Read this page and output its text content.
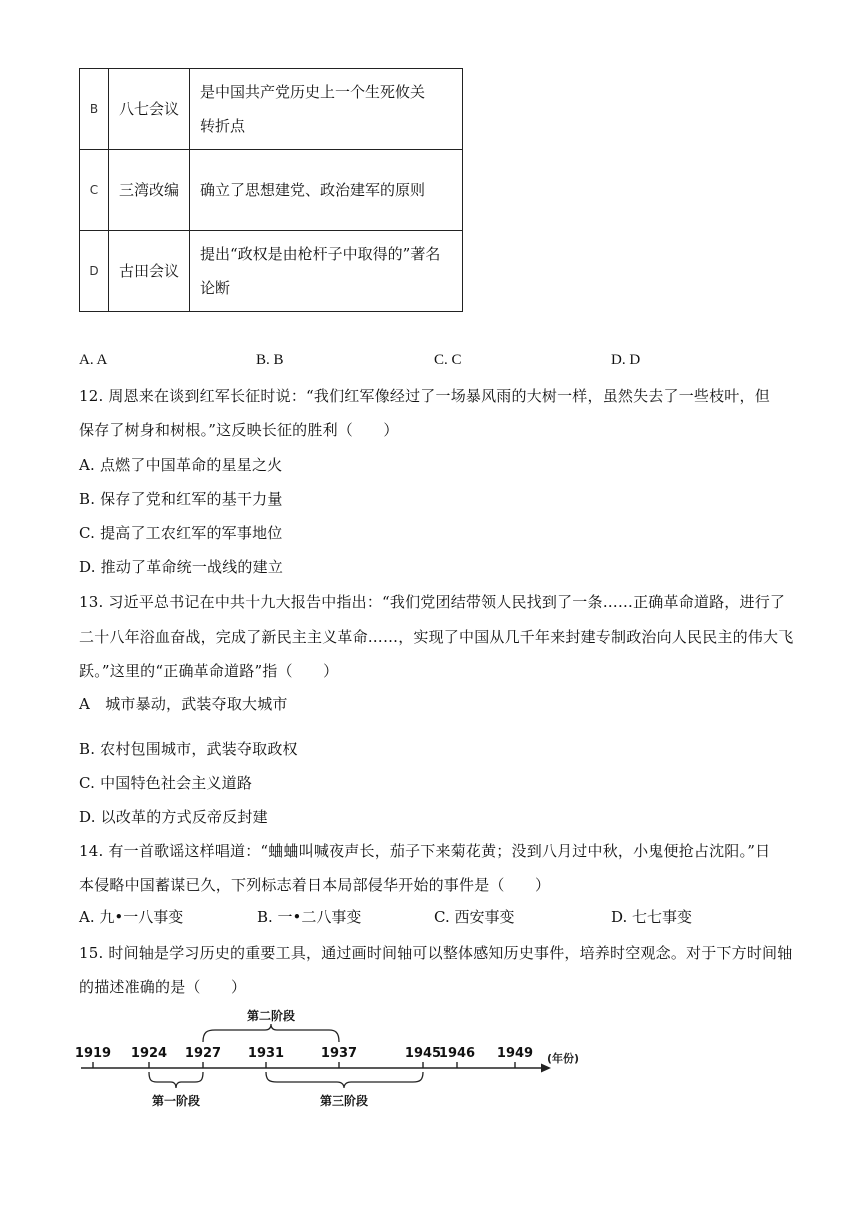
B	八七会议	是中国共产党历史上一个生死攸关　转折点
C	三湾改编	确立了思想建党、政治建军的原则
D	古田会议	提出“政权是由枪杆子中取得的”著名论断
A. A	B. B	C. C	D. D
12. 周恩来在谈到红军长征时说：“我们红军像经过了一场暴风雨的大树一样，虽然失去了一些枝叶，但
保存了树身和树根。”这反映长征的胜利（　　）
A. 点燃了中国革命的星星之火
B. 保存了党和红军的基干力量
C. 提高了工农红军的军事地位
D. 推动了革命统一战线的建立
13. 习近平总书记在中共十九大报告中指出：“我们党团结带领人民找到了一条……正确革命道路，进行了
二十八年浴血奋战，完成了新民主主义革命……，实现了中国从几千年来封建专制政治向人民民主的伟大飞
跃。”这里的“正确革命道路”指（　　）
A　城市暴动，武装夺取大城市
B. 农村包围城市，武装夺取政权
C. 中国特色社会主义道路
D. 以改革的方式反帝反封建
14. 有一首歌谣这样唱道：“蛐蛐叫喊夜声长，茄子下来菊花黄；没到八月过中秋，小鬼便抢占沈阳。”日
本侵略中国蓄谋已久，下列标志着日本局部侵华开始的事件是（　　）
A. 九•一八事变	B. 一•二八事变	C. 西安事变	D. 七七事变
15. 时间轴是学习历史的重要工具，通过画时间轴可以整体感知历史事件，培养时空观念。对于下方时间轴
的描述准确的是（　　）
(年份)
1919 1924 1927 1931	1937	1945
1946 1949
第二阶段
第一阶段	第三阶段
